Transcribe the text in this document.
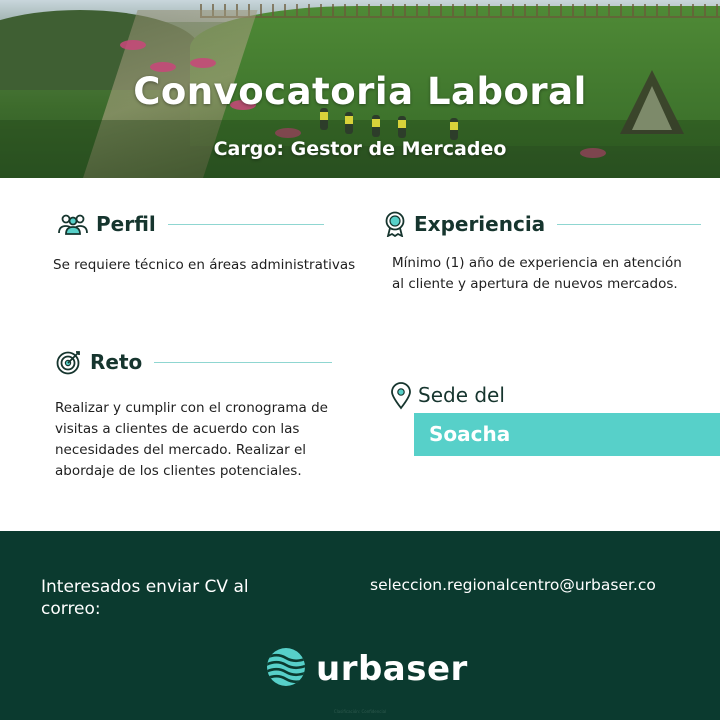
Convocatoria Laboral
Cargo: Gestor de Mercadeo
Perfil
Se requiere técnico en áreas administrativas
Experiencia
Mínimo (1) año de experiencia en atención
al cliente y apertura de nuevos mercados.
Reto
Realizar y cumplir con el cronograma de
visitas a clientes de acuerdo con las
necesidades del mercado. Realizar el
abordaje de los clientes potenciales.
Sede del
Soacha
Interesados enviar CV al
correo:
seleccion.regionalcentro@urbaser.co
urbaser
Clasificación: Confidencial
